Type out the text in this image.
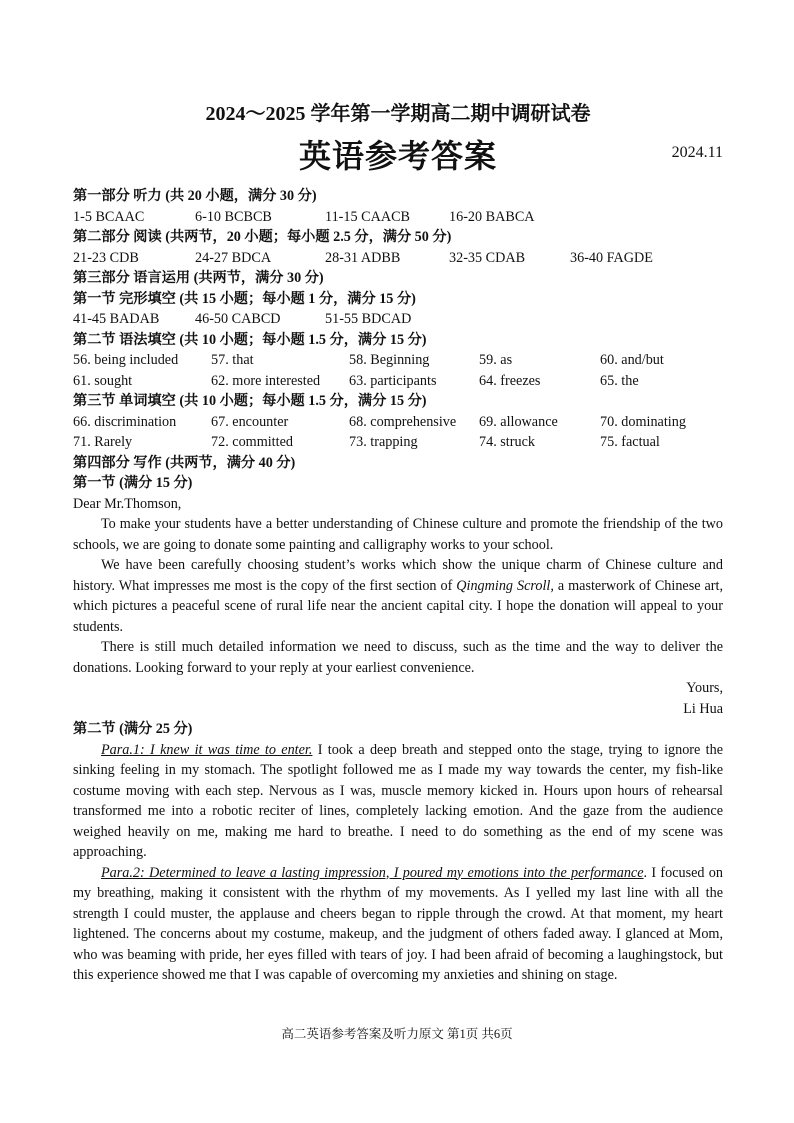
2024～2025 学年第一学期高二期中调研试卷
英语参考答案	2024.11
第一部分 听力 (共 20 小题，满分 30 分)
1-5 BCAAC	6-10 BCBCB	11-15 CAACB	16-20 BABCA
第二部分 阅读 (共两节，20 小题；每小题 2.5 分，满分 50 分)
21-23 CDB	24-27 BDCA	28-31 ADBB	32-35 CDAB	36-40 FAGDE
第三部分 语言运用 (共两节，满分 30 分)
第一节 完形填空 (共 15 小题；每小题 1 分，满分 15 分)
41-45 BADAB	46-50 CABCD	51-55 BDCAD
第二节 语法填空 (共 10 小题；每小题 1.5 分，满分 15 分)
56. being included	57. that	58. Beginning	59. as	60. and/but
61. sought	62. more interested	63. participants	64. freezes	65. the
第三节 单词填空 (共 10 小题；每小题 1.5 分，满分 15 分)
66. discrimination	67. encounter	68. comprehensive	69. allowance	70. dominating
71. Rarely	72. committed	73. trapping	74. struck	75. factual
第四部分 写作 (共两节，满分 40 分)
第一节 (满分 15 分)

Dear Mr.Thomson,

To make your students have a better understanding of Chinese culture and promote the friendship of the two schools, we are going to donate some painting and calligraphy works to your school.

We have been carefully choosing student’s works which show the unique charm of Chinese culture and history. What impresses me most is the copy of the first section of Qingming Scroll, a masterwork of Chinese art, which pictures a peaceful scene of rural life near the ancient capital city. I hope the donation will appeal to your students.

There is still much detailed information we need to discuss, such as the time and the way to deliver the donations. Looking forward to your reply at your earliest convenience.

Yours,
Li Hua
第二节 (满分 25 分)

Para.1: I knew it was time to enter. I took a deep breath and stepped onto the stage, trying to ignore the sinking feeling in my stomach. The spotlight followed me as I made my way towards the center, my fish-like costume moving with each step. Nervous as I was, muscle memory kicked in. Hours upon hours of rehearsal transformed me into a robotic reciter of lines, completely lacking emotion. And the gaze from the audience weighed heavily on me, making me hard to breathe. I need to do something as the end of my scene was approaching.

Para.2: Determined to leave a lasting impression, I poured my emotions into the performance. I focused on my breathing, making it consistent with the rhythm of my movements. As I yelled my last line with all the strength I could muster, the applause and cheers began to ripple through the crowd. At that moment, my heart lightened. The concerns about my costume, makeup, and the judgment of others faded away. I glanced at Mom, who was beaming with pride, her eyes filled with tears of joy. I had been afraid of becoming a laughingstock, but this experience showed me that I was capable of overcoming my anxieties and shining on stage.

高二英语参考答案及听力原文 第1页 共6页
